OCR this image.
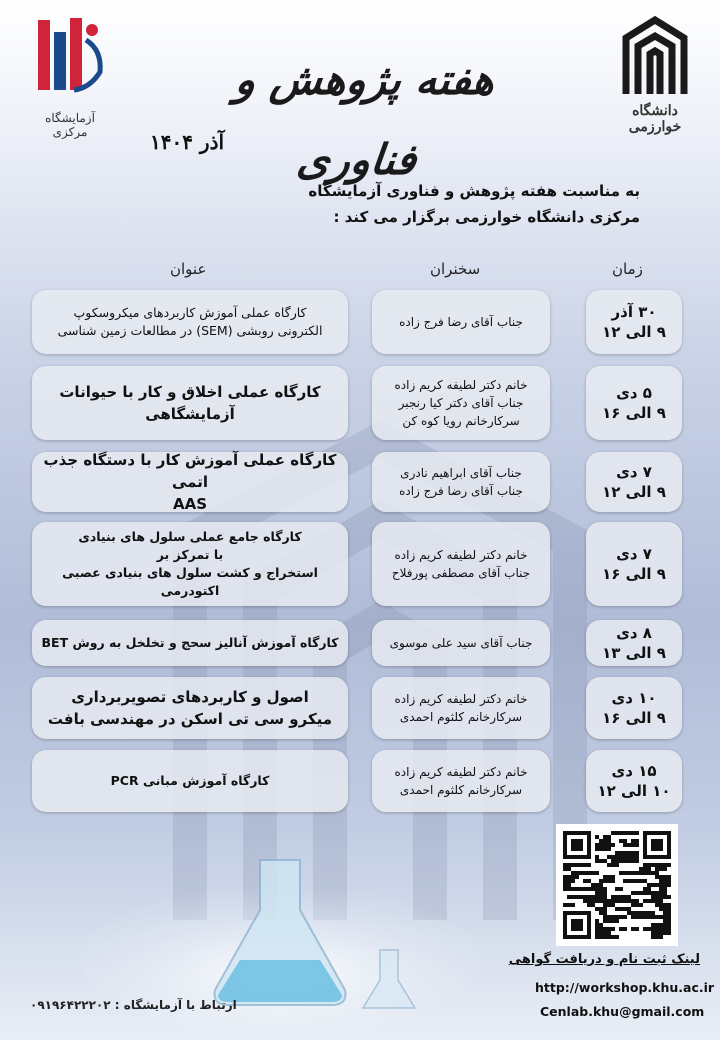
آزمایشگاه مرکزی
دانشگاه خوارزمی
هفته پژوهش و فناوری
آذر ۱۴۰۴
به مناسبت هفته پژوهش و فناوری آزمایشگاه
مرکزی دانشگاه خوارزمی برگزار می کند :
زمان
سخنران
عنوان
۳۰ آذر
۹ الی ۱۲
جناب آقای رضا فرج زاده
کارگاه عملی آموزش کاربردهای میکروسکوپ
الکترونی روبشی (SEM) در مطالعات زمین شناسی
۵ دی
۹ الی ۱۶
خانم دکتر لطیفه کریم زاده
جناب آقای دکتر کیا رنجبر
سرکارخانم رویا کوه کن
کارگاه عملی اخلاق و کار با حیوانات
آزمایشگاهی
۷ دی
۹ الی ۱۲
جناب آقای ابراهیم نادری
جناب آقای رضا فرج زاده
کارگاه عملی آموزش کار با دستگاه جذب اتمی
AAS
۷ دی
۹ الی ۱۶
خانم دکتر لطیفه کریم زاده
جناب آقای مصطفی پورفلاح
کارگاه جامع عملی سلول های بنیادی
با تمرکز بر
استخراج و کشت سلول های بنیادی عصبی اکتودرمی
۸ دی
۹ الی ۱۳
جناب آقای سید علی موسوی
کارگاه آموزش آنالیز سحج و تخلخل به روش BET
۱۰ دی
۹ الی ۱۶
خانم دکتر لطیفه کریم زاده
سرکارخانم کلثوم احمدی
اصول و کاربردهای تصویربرداری
میکرو سی تی اسکن در مهندسی بافت
۱۵ دی
۱۰ الی ۱۲
خانم دکتر لطیفه کریم زاده
سرکارخانم کلثوم احمدی
کارگاه آموزش مبانی PCR
لینک ثبت نام و دریافت گواهی
http://workshop.khu.ac.ir
Cenlab.khu@gmail.com
ارتباط با آزمایشگاه : ۰۹۱۹۶۴۲۲۲۰۲
